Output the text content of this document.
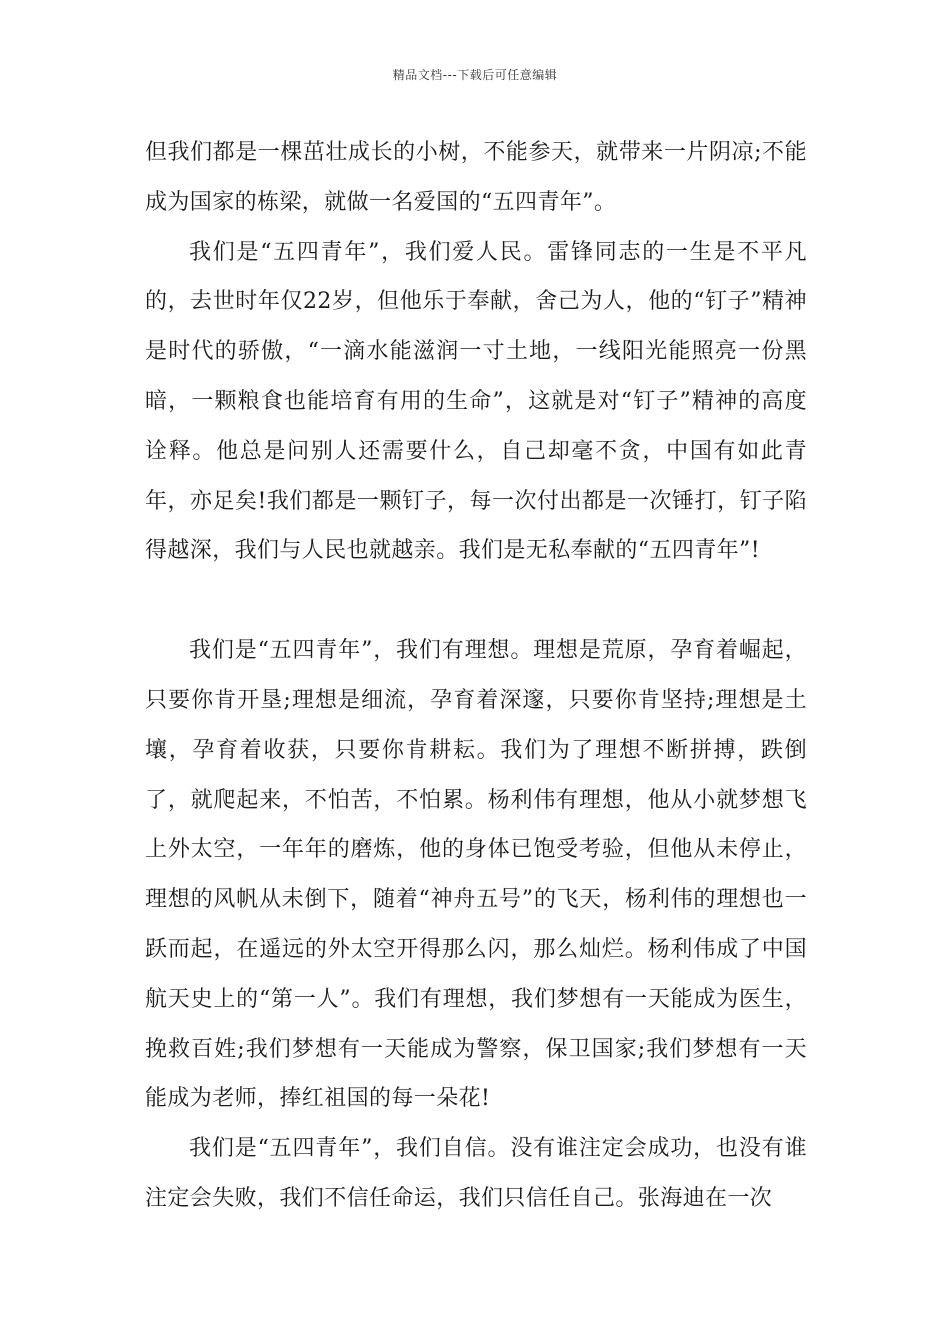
精品文档---下载后可任意编辑

但我们都是一棵茁壮成长的小树，不能参天，就带来一片阴凉;不能成为国家的栋梁，就做一名爱国的“五四青年”。

我们是“五四青年”，我们爱人民。雷锋同志的一生是不平凡的，去世时年仅22岁，但他乐于奉献，舍己为人，他的“钉子”精神是时代的骄傲，“一滴水能滋润一寸土地，一线阳光能照亮一份黑暗，一颗粮食也能培育有用的生命”，这就是对“钉子”精神的高度诠释。他总是问别人还需要什么，自己却毫不贪，中国有如此青年，亦足矣!我们都是一颗钉子，每一次付出都是一次锤打，钉子陷得越深，我们与人民也就越亲。我们是无私奉献的“五四青年”!

我们是“五四青年”，我们有理想。理想是荒原，孕育着崛起，只要你肯开垦;理想是细流，孕育着深邃，只要你肯坚持;理想是土壤，孕育着收获，只要你肯耕耘。我们为了理想不断拼搏，跌倒了，就爬起来，不怕苦，不怕累。杨利伟有理想，他从小就梦想飞上外太空，一年年的磨炼，他的身体已饱受考验，但他从未停止，理想的风帆从未倒下，随着“神舟五号”的飞天，杨利伟的理想也一跃而起，在遥远的外太空开得那么闪，那么灿烂。杨利伟成了中国航天史上的“第一人”。我们有理想，我们梦想有一天能成为医生，挽救百姓;我们梦想有一天能成为警察，保卫国家;我们梦想有一天能成为老师，捧红祖国的每一朵花!

我们是“五四青年”，我们自信。没有谁注定会成功，也没有谁注定会失败，我们不信任命运，我们只信任自己。张海迪在一次
